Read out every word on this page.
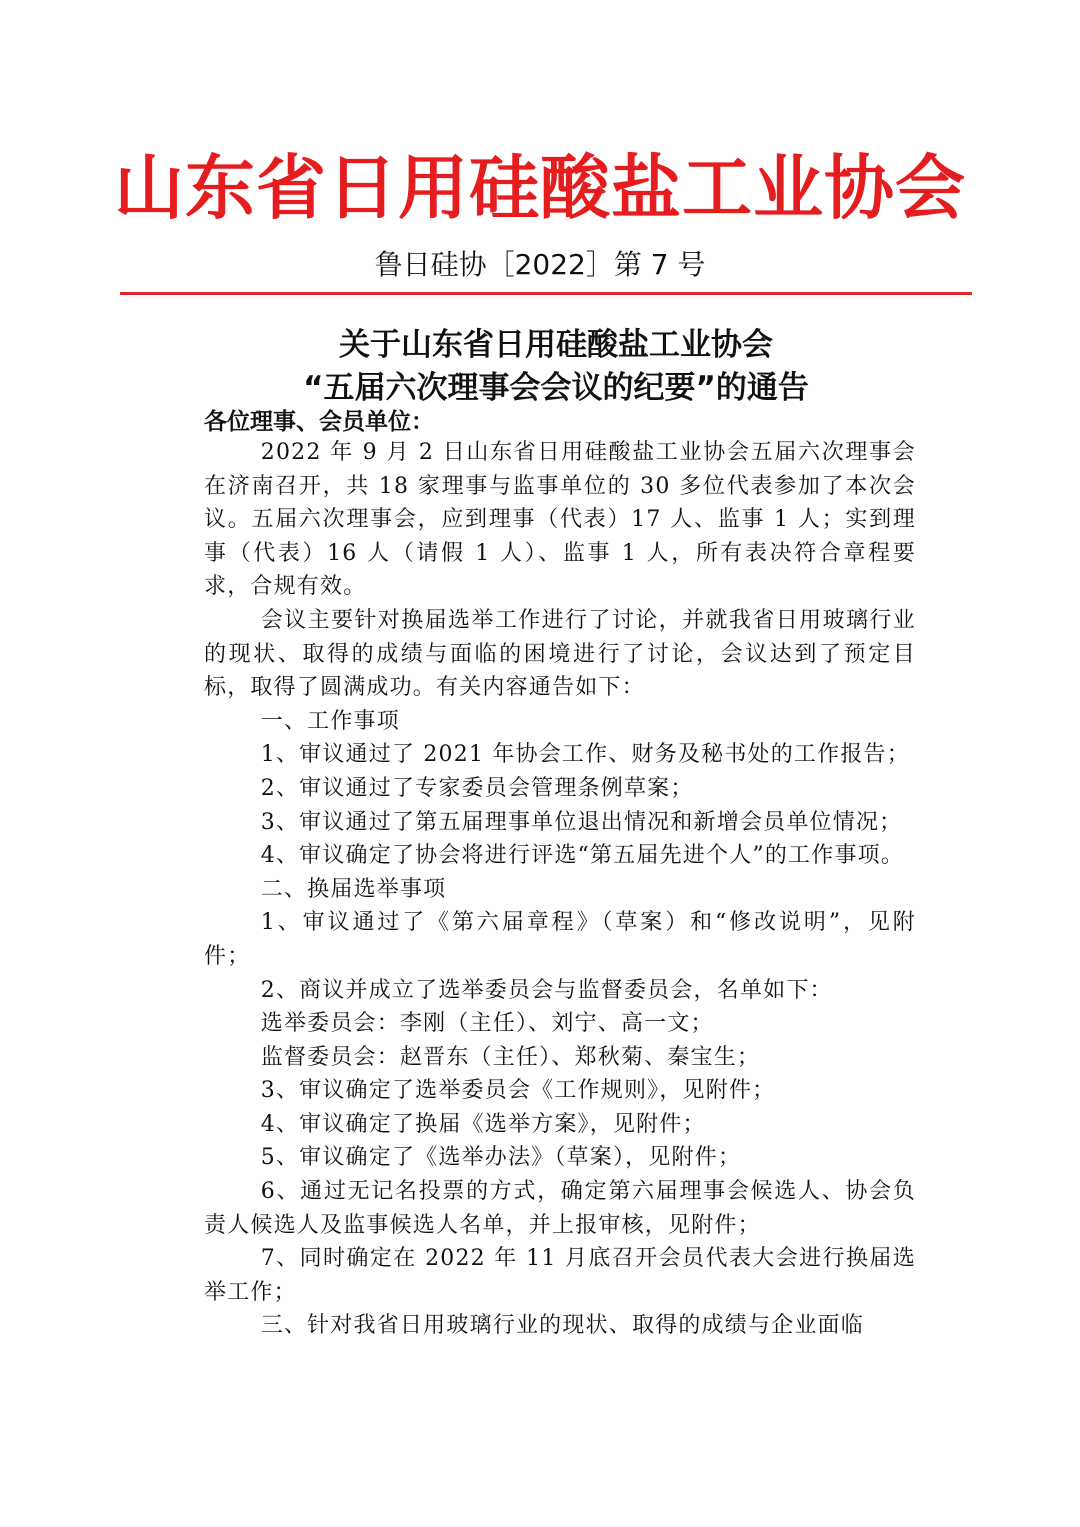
山东省日用硅酸盐工业协会
鲁日硅协［2022］第 7 号
关于山东省日用硅酸盐工业协会
“五届六次理事会会议的纪要”的通告
各位理事、会员单位：

2022 年 9 月 2 日山东省日用硅酸盐工业协会五届六次理事会在济南召开，共 18 家理事与监事单位的 30 多位代表参加了本次会议。五届六次理事会，应到理事（代表）17 人、监事 1 人；实到理事（代表）16 人（请假 1 人）、监事 1 人，所有表决符合章程要求，合规有效。

会议主要针对换届选举工作进行了讨论，并就我省日用玻璃行业的现状、取得的成绩与面临的困境进行了讨论，会议达到了预定目标，取得了圆满成功。有关内容通告如下：

一、工作事项

1、审议通过了 2021 年协会工作、财务及秘书处的工作报告；

2、审议通过了专家委员会管理条例草案；

3、审议通过了第五届理事单位退出情况和新增会员单位情况；

4、审议确定了协会将进行评选“第五届先进个人”的工作事项。

二、换届选举事项

1、审议通过了《第六届章程》（草案）和“修改说明”，见附件；

2、商议并成立了选举委员会与监督委员会，名单如下：

选举委员会：李刚（主任）、刘宁、高一文；

监督委员会：赵晋东（主任）、郑秋菊、秦宝生；

3、审议确定了选举委员会《工作规则》，见附件；

4、审议确定了换届《选举方案》，见附件；

5、审议确定了《选举办法》（草案），见附件；

6、通过无记名投票的方式，确定第六届理事会候选人、协会负责人候选人及监事候选人名单，并上报审核，见附件；

7、同时确定在 2022 年 11 月底召开会员代表大会进行换届选举工作；

三、针对我省日用玻璃行业的现状、取得的成绩与企业面临
